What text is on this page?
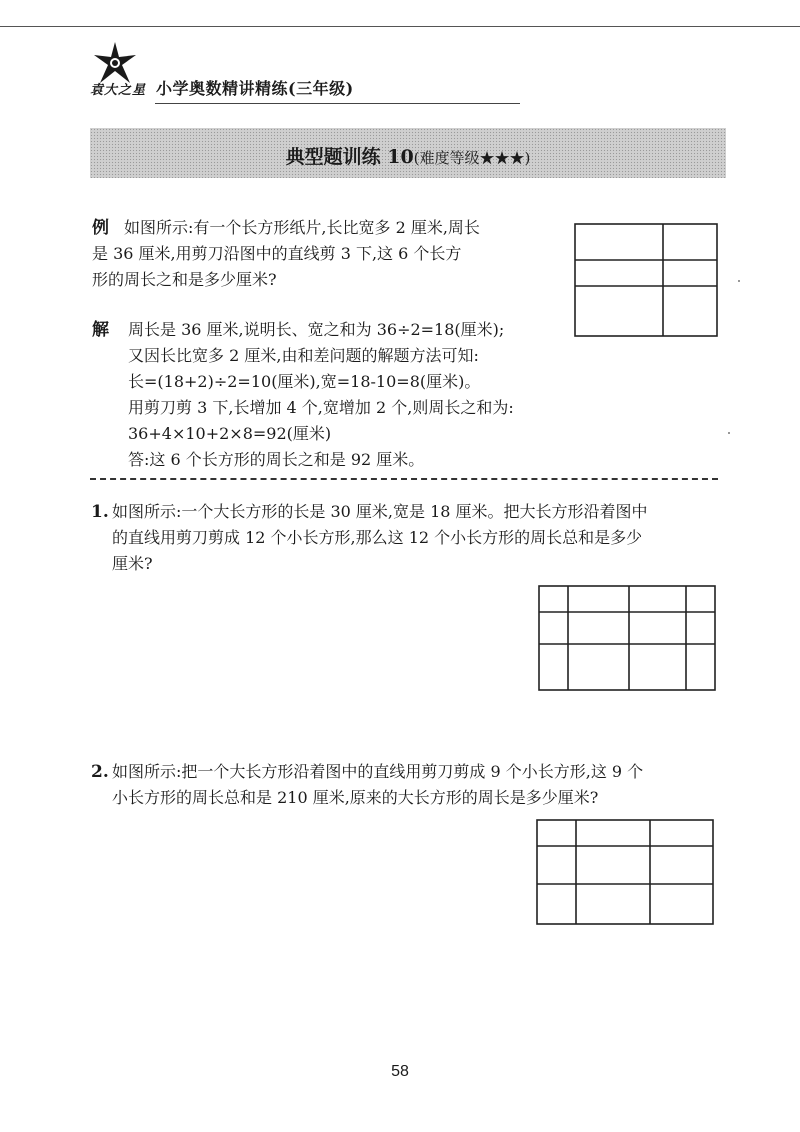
袁大之星 小学奥数精讲精练(三年级)
典型题训练 10(难度等级★★★)
例 如图所示:有一个长方形纸片,长比宽多 2 厘米,周长
是 36 厘米,用剪刀沿图中的直线剪 3 下,这 6 个长方
形的周长之和是多少厘米?
解 周长是 36 厘米,说明长、宽之和为 36÷2=18(厘米);
又因长比宽多 2 厘米,由和差问题的解题方法可知:
长=(18+2)÷2=10(厘米),宽=18-10=8(厘米)。
用剪刀剪 3 下,长增加 4 个,宽增加 2 个,则周长之和为:
36+4×10+2×8=92(厘米)
答:这 6 个长方形的周长之和是 92 厘米。
1. 如图所示:一个大长方形的长是 30 厘米,宽是 18 厘米。把大长方形沿着图中
的直线用剪刀剪成 12 个小长方形,那么这 12 个小长方形的周长总和是多少
厘米?
2. 如图所示:把一个大长方形沿着图中的直线用剪刀剪成 9 个小长方形,这 9 个
小长方形的周长总和是 210 厘米,原来的大长方形的周长是多少厘米?
58
